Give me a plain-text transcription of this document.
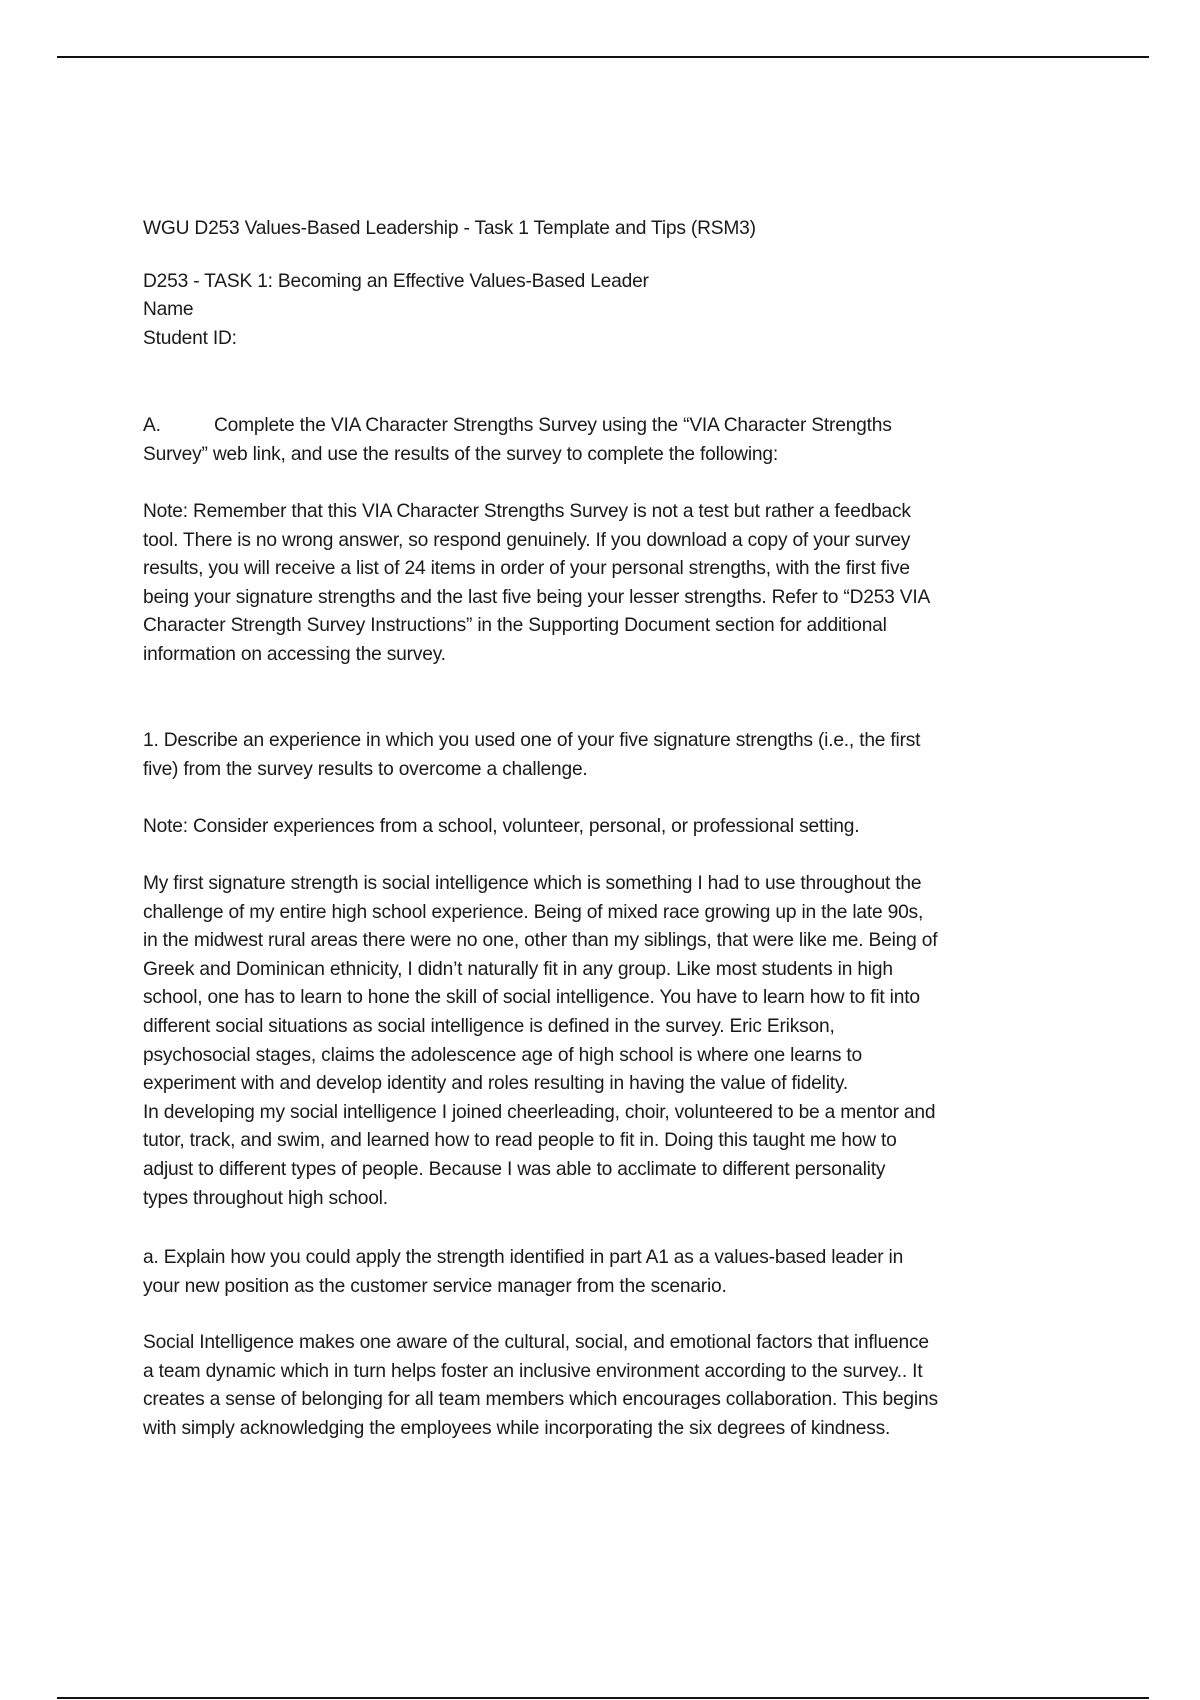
WGU D253 Values-Based Leadership - Task 1 Template and Tips (RSM3)
D253 - TASK 1: Becoming an Effective Values-Based Leader
Name
Student ID:
A.	Complete the VIA Character Strengths Survey using the “VIA Character Strengths
Survey” web link, and use the results of the survey to complete the following:
Note: Remember that this VIA Character Strengths Survey is not a test but rather a feedback
tool. There is no wrong answer, so respond genuinely. If you download a copy of your survey
results, you will receive a list of 24 items in order of your personal strengths, with the first five
being your signature strengths and the last five being your lesser strengths. Refer to “D253 VIA
Character Strength Survey Instructions” in the Supporting Document section for additional
information on accessing the survey.
1. Describe an experience in which you used one of your five signature strengths (i.e., the first
five) from the survey results to overcome a challenge.
Note: Consider experiences from a school, volunteer, personal, or professional setting.
My first signature strength is social intelligence which is something I had to use throughout the
challenge of my entire high school experience. Being of mixed race growing up in the late 90s,
in the midwest rural areas there were no one, other than my siblings, that were like me. Being of
Greek and Dominican ethnicity, I didn’t naturally fit in any group. Like most students in high
school, one has to learn to hone the skill of social intelligence. You have to learn how to fit into
different social situations as social intelligence is defined in the survey. Eric Erikson,
psychosocial stages, claims the adolescence age of high school is where one learns to
experiment with and develop identity and roles resulting in having the value of fidelity.
In developing my social intelligence I joined cheerleading, choir, volunteered to be a mentor and
tutor, track, and swim, and learned how to read people to fit in. Doing this taught me how to
adjust to different types of people. Because I was able to acclimate to different personality
types throughout high school.
a. Explain how you could apply the strength identified in part A1 as a values-based leader in
your new position as the customer service manager from the scenario.
Social Intelligence makes one aware of the cultural, social, and emotional factors that influence
a team dynamic which in turn helps foster an inclusive environment according to the survey.. It
creates a sense of belonging for all team members which encourages collaboration. This begins
with simply acknowledging the employees while incorporating the six degrees of kindness.
